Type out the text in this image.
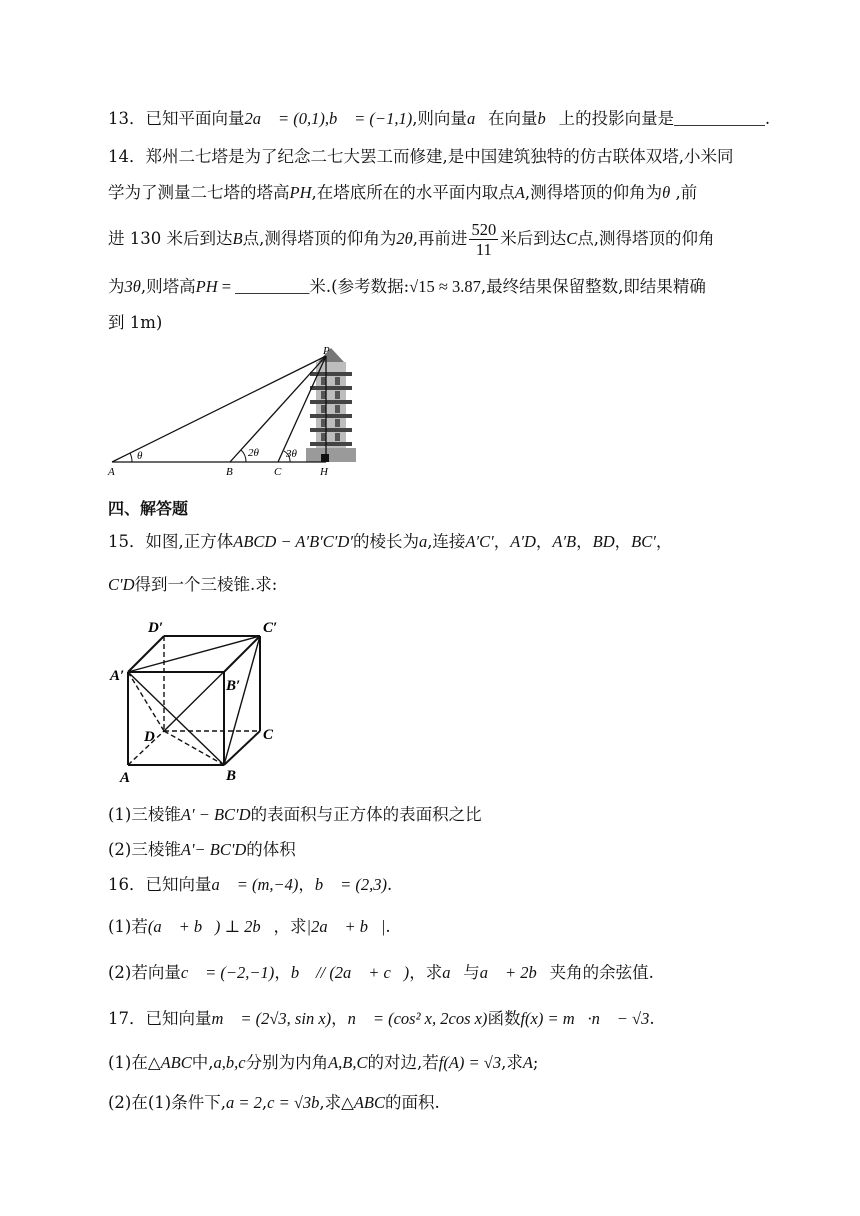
13．已知平面向量2a⃗ = (0,1),b⃗ = (−1,1),则向量a⃗在向量b⃗上的投影向量是___________.
14．郑州二七塔是为了纪念二七大罢工而修建,是中国建筑独特的仿古联体双塔,小米同
学为了测量二七塔的塔高PH,在塔底所在的水平面内取点A,测得塔顶的仰角为θ ,前
进 130 米后到达B点,测得塔顶的仰角为2θ,再前进 $\frac{520}{11}$ 米后到达C点,测得塔顶的仰角
为3θ,则塔高PH = _________米.(参考数据:√15 ≈ 3.87,最终结果保留整数,即结果精确
到 1m)
P
A	B	C	H
θ	2θ 3θ
四、解答题
15．如图,正方体ABCD − A′B′C′D′的棱长为a,连接A′C′，A′D，A′B，BD，BC′，
C′D得到一个三棱锥.求:
D′	C′
A′
B′
D	C
A	B
(1)三棱锥A′ − BC′D的表面积与正方体的表面积之比
(2)三棱锥A'− BC'D的体积
16．已知向量a⃗ = (m,−4)，b⃗ = (2,3).
(1)若(a⃗ + b⃗) ⊥ 2b⃗，求|2a⃗ + b⃗|.
(2)若向量c⃗ = (−2,−1)，b⃗ // (2a⃗ + c⃗)，求a⃗与a⃗ + 2b⃗夹角的余弦值.
17．已知向量m⃗ = (2√3, sin x)，n⃗ = (cos² x, 2cos x)函数f(x) = m⃗·n⃗ − √3.
(1)在△ABC中,a,b,c分别为内角A,B,C的对边,若f(A) = √3,求A;
(2)在(1)条件下,a = 2,c = √3b,求△ABC的面积.
